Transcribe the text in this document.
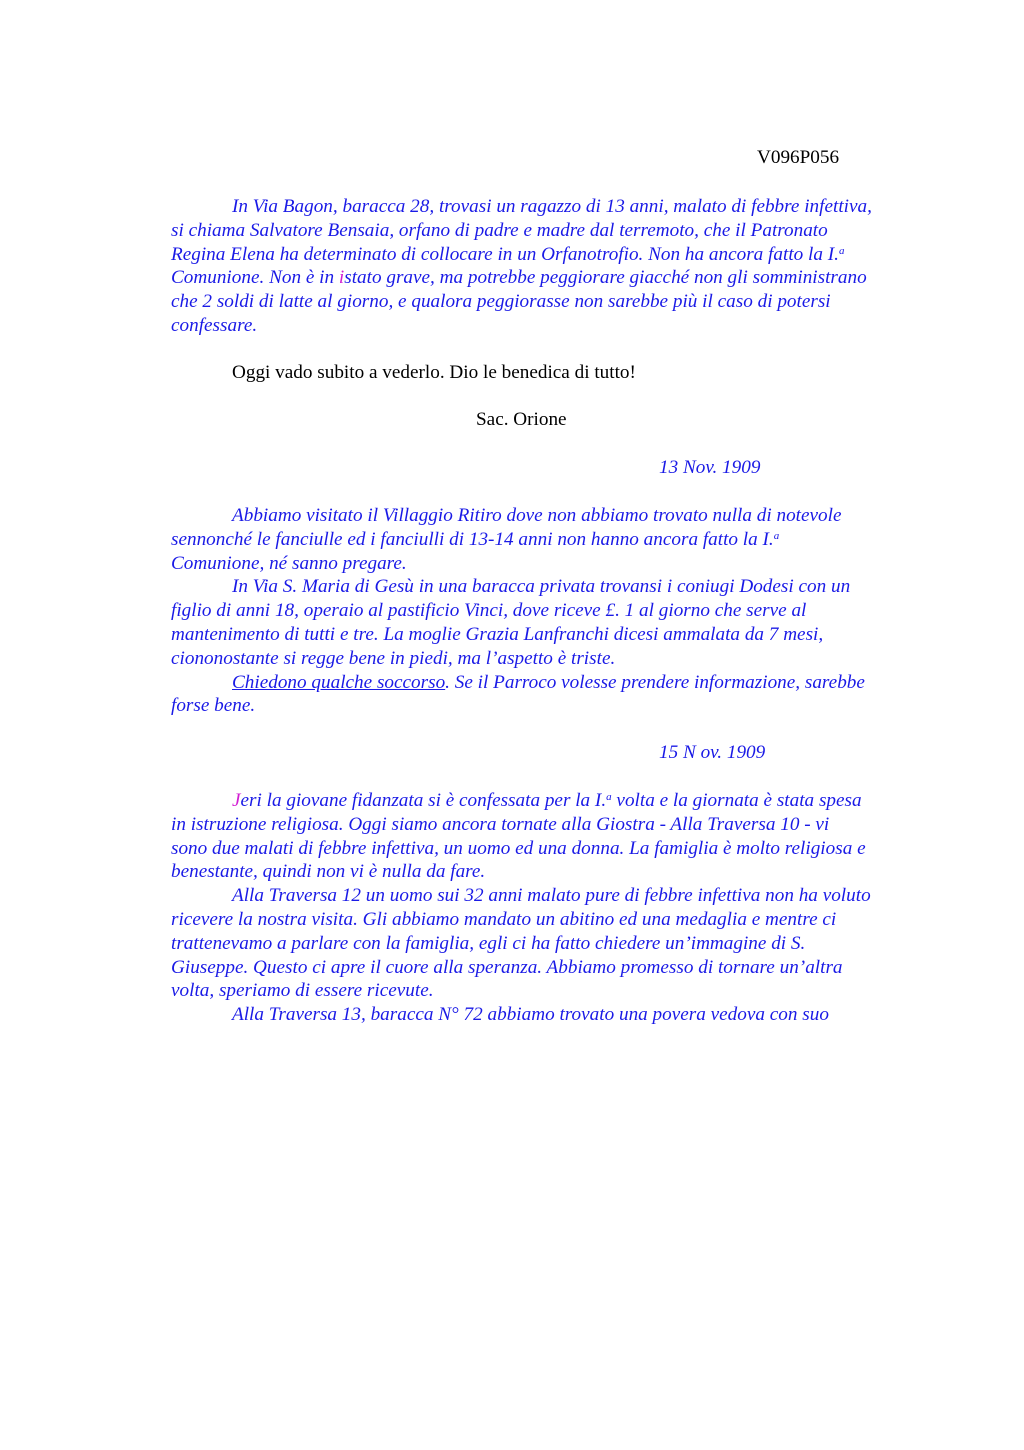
V096P056
In Via Bagon, baracca 28, trovasi un ragazzo di 13 anni, malato di febbre infettiva,
si chiama Salvatore Bensaia, orfano di padre e madre dal terremoto, che il Patronato
Regina Elena ha determinato di collocare in un Orfanotrofio. Non ha ancora fatto la I.$^a$
Comunione. Non è in istato grave, ma potrebbe peggiorare giacché non gli somministrano
che 2 soldi di latte al giorno, e qualora peggiorasse non sarebbe più il caso di potersi
confessare.
Oggi vado subito a vederlo. Dio le benedica di tutto!
Sac. Orione
13 Nov. 1909
Abbiamo visitato il Villaggio Ritiro dove non abbiamo trovato nulla di notevole
sennonché le fanciulle ed i fanciulli di 13-14 anni non hanno ancora fatto la I.$^a$
Comunione, né sanno pregare.
In Via S. Maria di Gesù in una baracca privata trovansi i coniugi Dodesi con un
figlio di anni 18, operaio al pastificio Vinci, dove riceve £. 1 al giorno che serve al
mantenimento di tutti e tre. La moglie Grazia Lanfranchi dicesi ammalata da 7 mesi,
ciononostante si regge bene in piedi, ma l’aspetto è triste.
Chiedono qualche soccorso. Se il Parroco volesse prendere informazione, sarebbe
forse bene.
15 N ov. 1909
Jeri la giovane fidanzata si è confessata per la I.$^a$ volta e la giornata è stata spesa
in istruzione religiosa. Oggi siamo ancora tornate alla Giostra - Alla Traversa 10 - vi
sono due malati di febbre infettiva, un uomo ed una donna. La famiglia è molto religiosa e
benestante, quindi non vi è nulla da fare.
Alla Traversa 12 un uomo sui 32 anni malato pure di febbre infettiva non ha voluto
ricevere la nostra visita. Gli abbiamo mandato un abitino ed una medaglia e mentre ci
trattenevamo a parlare con la famiglia, egli ci ha fatto chiedere un’immagine di S.
Giuseppe. Questo ci apre il cuore alla speranza. Abbiamo promesso di tornare un’altra
volta, speriamo di essere ricevute.
Alla Traversa 13, baracca N° 72 abbiamo trovato una povera vedova con suo
